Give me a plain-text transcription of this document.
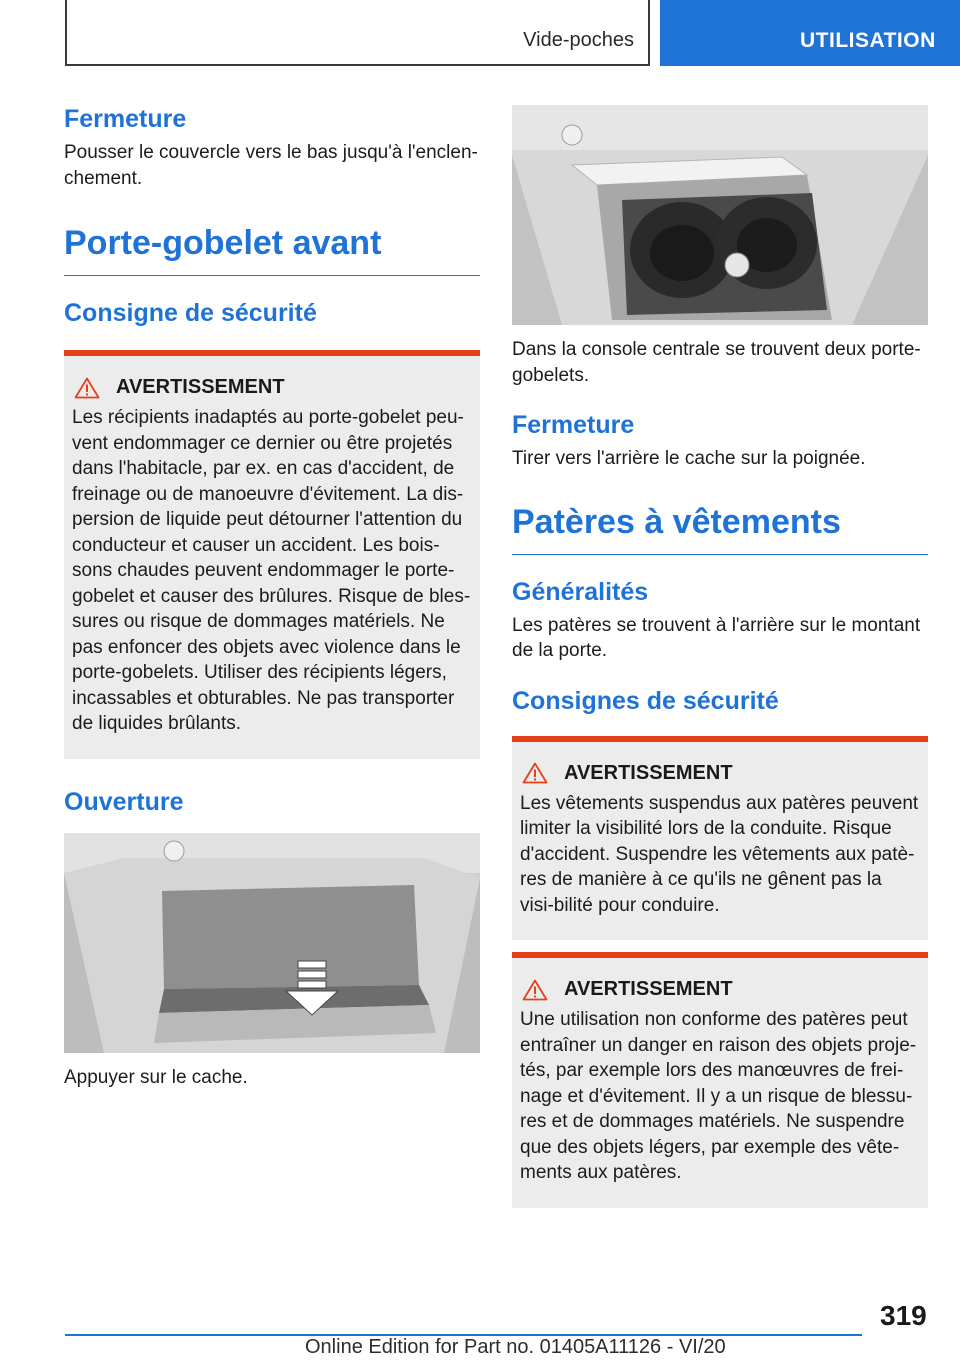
Vide-poches	UTILISATION
Fermeture
Pousser le couvercle vers le bas jusqu'à l'enclen-chement.
Porte-gobelet avant
Consigne de sécurité
AVERTISSEMENT
Les récipients inadaptés au porte-gobelet peu-vent endommager ce dernier ou être projetés dans l'habitacle, par ex. en cas d'accident, de freinage ou de manoeuvre d'évitement. La dis-persion de liquide peut détourner l'attention du conducteur et causer un accident. Les bois-sons chaudes peuvent endommager le porte-gobelet et causer des brûlures. Risque de bles-sures ou risque de dommages matériels. Ne pas enfoncer des objets avec violence dans le porte-gobelets. Utiliser des récipients légers, incassables et obturables. Ne pas transporter de liquides brûlants.
Ouverture
Appuyer sur le cache.
Dans la console centrale se trouvent deux porte-gobelets.
Fermeture
Tirer vers l'arrière le cache sur la poignée.
Patères à vêtements
Généralités
Les patères se trouvent à l'arrière sur le montant de la porte.
Consignes de sécurité
AVERTISSEMENT
Les vêtements suspendus aux patères peuvent limiter la visibilité lors de la conduite. Risque d'accident. Suspendre les vêtements aux patè-res de manière à ce qu'ils ne gênent pas la visi-bilité pour conduire.
AVERTISSEMENT
Une utilisation non conforme des patères peut entraîner un danger en raison des objets proje-tés, par exemple lors des manœuvres de frei-nage et d'évitement. Il y a un risque de blessu-res et de dommages matériels. Ne suspendre que des objets légers, par exemple des vête-ments aux patères.
319
Online Edition for Part no. 01405A11126 - VI/20
